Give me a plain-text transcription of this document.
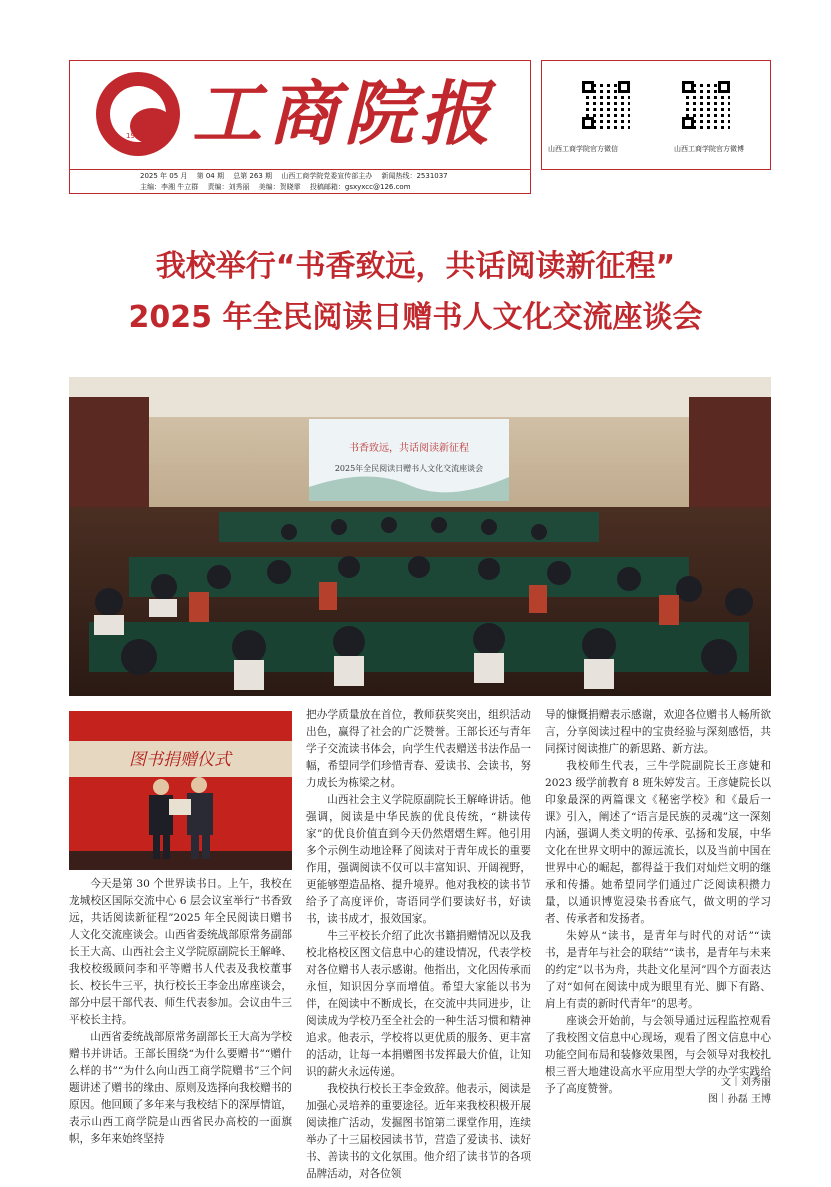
1985 工商院报
2025 年 05 月　 第 04 期　 总第 263 期　 山西工商学院党委宣传部主办　 新闻热线：2531037
主编：李湘 牛立群　 责编：刘秀丽　 美编：贺晓霏　 投稿邮箱：gsxyxcc@126.com
山西工商学院官方微信	山西工商学院官方微博
我校举行“书香致远，共话阅读新征程”
2025 年全民阅读日赠书人文化交流座谈会
书香致远，共话阅读新征程
2025年全民阅读日赠书人文化交流座谈会
图书捐赠仪式

今天是第 30 个世界读书日。上午，我校在龙城校区国际交流中心 6 层会议室举行“书香致远，共话阅读新征程”2025 年全民阅读日赠书人文化交流座谈会。山西省委统战部原常务副部长王大高、山西社会主义学院原副院长王解峰、我校校级顾问李和平等赠书人代表及我校董事长、校长牛三平，执行校长王李金出席座谈会，部分中层干部代表、师生代表参加。会议由牛三平校长主持。

山西省委统战部原常务副部长王大高为学校赠书并讲话。王部长围绕“为什么要赠书”“赠什么样的书”“为什么向山西工商学院赠书”三个问题讲述了赠书的缘由、原则及选择向我校赠书的原因。他回顾了多年来与我校结下的深厚情谊，表示山西工商学院是山西省民办高校的一面旗帜，多年来始终坚持

把办学质量放在首位，教师获奖突出，组织活动出色，赢得了社会的广泛赞誉。王部长还与青年学子交流读书体会，向学生代表赠送书法作品一幅，希望同学们珍惜青春、爱读书、会读书，努力成长为栋梁之材。

山西社会主义学院原副院长王解峰讲话。他强调，阅读是中华民族的优良传统，“耕读传家”的优良价值直到今天仍然熠熠生辉。他引用多个示例生动地诠释了阅读对于青年成长的重要作用，强调阅读不仅可以丰富知识、开阔视野，更能够塑造品格、提升境界。他对我校的读书节给予了高度评价，寄语同学们要读好书，好读书，读书成才，报效国家。

牛三平校长介绍了此次书籍捐赠情况以及我校北格校区图文信息中心的建设情况，代表学校对各位赠书人表示感谢。他指出，文化因传承而永恒，知识因分享而增值。希望大家能以书为伴，在阅读中不断成长，在交流中共同进步，让阅读成为学校乃至全社会的一种生活习惯和精神追求。他表示，学校将以更优质的服务、更丰富的活动，让每一本捐赠图书发挥最大价值，让知识的薪火永远传递。

我校执行校长王李金致辞。他表示，阅读是加强心灵培养的重要途径。近年来我校积极开展阅读推广活动，发掘图书馆第二课堂作用，连续举办了十三届校园读书节，营造了爱读书、读好书、善读书的文化氛围。他介绍了读书节的各项品牌活动，对各位领

导的慷慨捐赠表示感谢，欢迎各位赠书人畅所欲言，分享阅读过程中的宝贵经验与深刻感悟，共同探讨阅读推广的新思路、新方法。

我校师生代表，三牛学院副院长王彦婕和 2023 级学前教育 8 班朱婷发言。王彦婕院长以印象最深的两篇课文《秘密学校》和《最后一课》引入，阐述了“语言是民族的灵魂”这一深刻内涵，强调人类文明的传承、弘扬和发展，中华文化在世界文明中的源远流长，以及当前中国在世界中心的崛起，都得益于我们对灿烂文明的继承和传播。她希望同学们通过广泛阅读积攒力量，以通识博览浸染书香底气，做文明的学习者、传承者和发扬者。

朱婷从“读书，是青年与时代的对话”“读书，是青年与社会的联结”“读书，是青年与未来的约定”以书为舟，共赴文化星河”四个方面表达了对“如何在阅读中成为眼里有光、脚下有路、肩上有责的新时代青年”的思考。

座谈会开始前，与会领导通过远程监控观看了我校图文信息中心现场，观看了图文信息中心功能空间布局和装修效果图，与会领导对我校扎根三晋大地建设高水平应用型大学的办学实践给予了高度赞誉。

文｜刘秀丽
图｜孙磊 王博
